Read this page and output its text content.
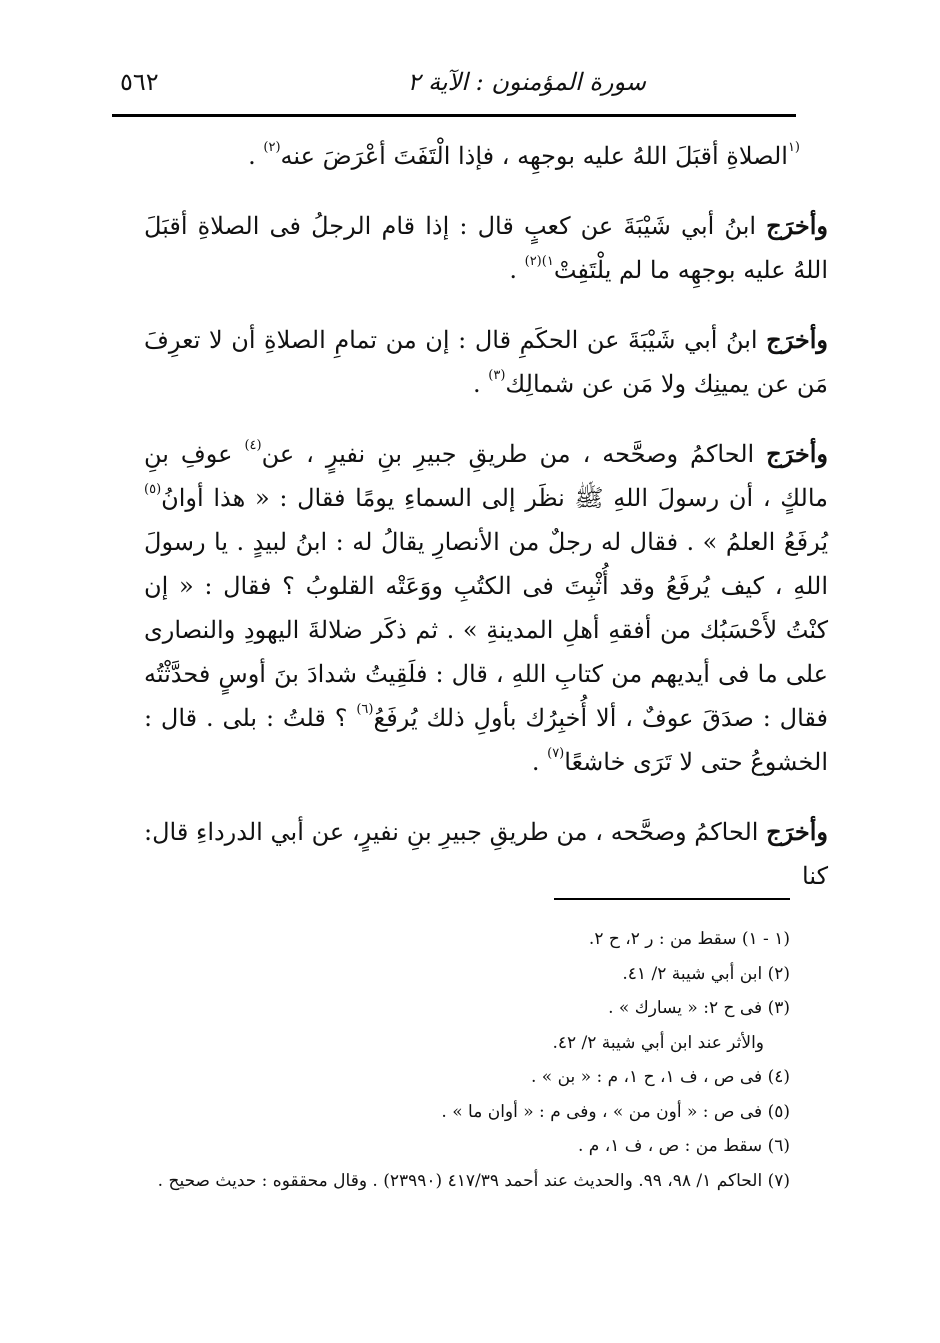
٥٦٢	سورة المؤمنون : الآية ٢

$^{(١}$الصلاةِ أقبَلَ اللهُ عليه بوجهِه ، فإذا الْتَفَتَ أعْرَضَ عنه$^{(٢)}$ .

وأخرَج ابنُ أبي شَيْبَةَ عن كعبٍ قال : إذا قام الرجلُ فى الصلاةِ أقبَلَ اللهُ عليه بوجهِه ما لم يلْتَفِتْ$^{١)(٢)}$ .

وأخرَج ابنُ أبي شَيْبَةَ عن الحكَمِ قال : إن من تمامِ الصلاةِ أن لا تعرِفَ مَن عن يمينِك ولا مَن عن شمالِك$^{(٣)}$ .

وأخرَج الحاكمُ وصحَّحه ، من طريقِ جبيرِ بنِ نفيرٍ ، عن$^{(٤)}$ عوفِ بنِ مالكٍ ، أن رسولَ اللهِ ﷺ نظَر إلى السماءِ يومًا فقال : « هذا أوانُ$^{(٥)}$ يُرفَعُ العلمُ » . فقال له رجلٌ من الأنصارِ يقالُ له : ابنُ لبيدٍ . يا رسولَ اللهِ ، كيف يُرفَعُ وقد أُثْبِتَ فى الكتُبِ ووَعَتْه القلوبُ ؟ فقال : « إن كنْتُ لأَحْسَبُك من أفقهِ أهلِ المدينةِ » . ثم ذكَر ضلالةَ اليهودِ والنصارى على ما فى أيديهم من كتابِ اللهِ ، قال : فلَقِيتُ شدادَ بنَ أوسٍ فحدَّثْتُه فقال : صدَقَ عوفٌ ، ألا أُخبِرُك بأولِ ذلك يُرفَعُ$^{(٦)}$ ؟ قلتُ : بلى . قال : الخشوعُ حتى لا تَرَى خاشعًا$^{(٧)}$ .

وأخرَج الحاكمُ وصحَّحه ، من طريقِ جبيرِ بنِ نفيرٍ، عن أبي الدرداءِ قال: كنا

(١ - ١) سقط من : ر ٢، ح ٢.

(٢) ابن أبي شيبة ٢/ ٤١.

(٣) فى ح ٢: « يسارك » .

والأثر عند ابن أبي شيبة ٢/ ٤٢.

(٤) فى ص ، ف ١، ح ١، م : « بن » .

(٥) فى ص : « أون من » ، وفى م : « أوان ما » .

(٦) سقط من : ص ، ف ١، م .

(٧) الحاكم ١/ ٩٨، ٩٩. والحديث عند أحمد ٤١٧/٣٩ (٢٣٩٩٠) . وقال محققوه : حديث صحيح .
